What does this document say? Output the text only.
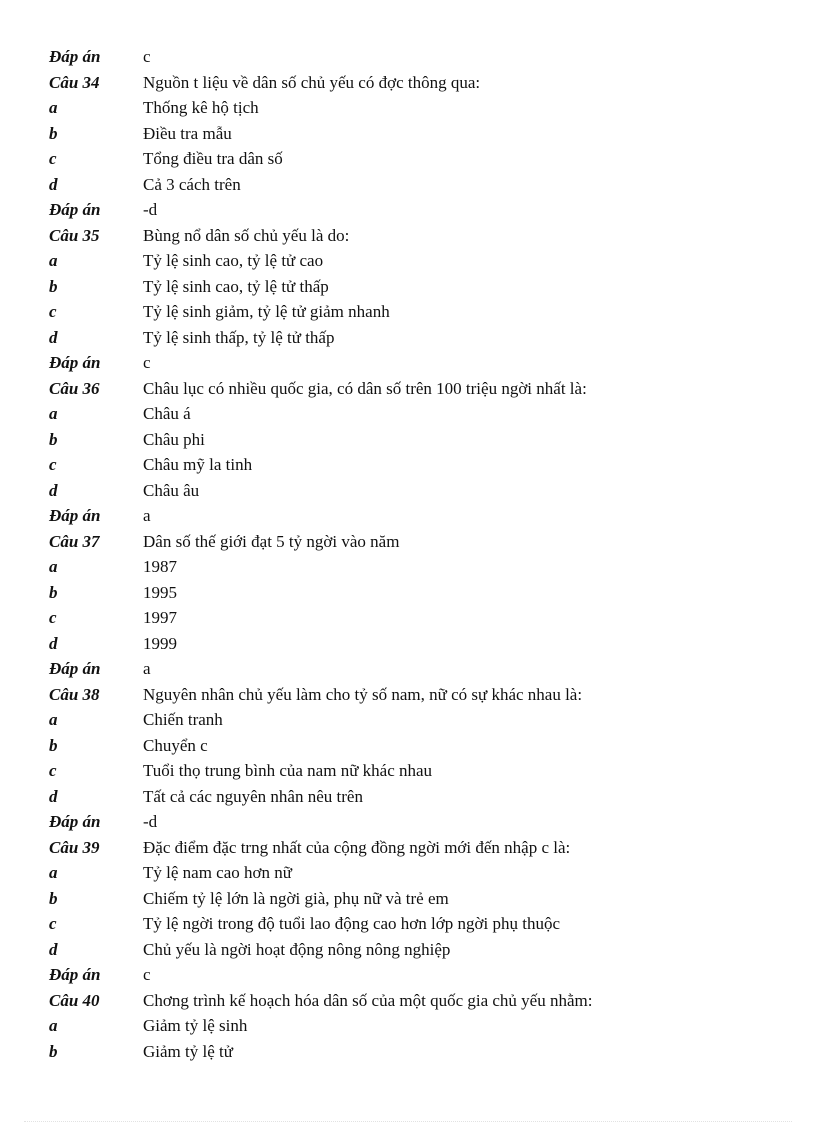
Đáp án	c
Câu 34	Nguồn t liệu về dân số chủ yếu có đợc thông qua:
a	Thống kê hộ tịch
b	Điều tra mẫu
c	Tổng điều tra dân số
d	Cả 3 cách trên
Đáp án	-d
Câu 35	Bùng nổ dân số chủ yếu là do:
a	Tỷ lệ sinh cao, tỷ lệ tử cao
b	Tỷ lệ sinh cao, tỷ lệ tử thấp
c	Tỷ lệ sinh giảm, tỷ lệ tử giảm nhanh
d	Tỷ lệ sinh thấp, tỷ lệ tử thấp
Đáp án	c
Câu 36	Châu lục có nhiều quốc gia, có dân số trên 100 triệu ngời nhất là:
a	Châu á
b	Châu phi
c	Châu mỹ la tinh
d	Châu âu
Đáp án	a
Câu 37	Dân số thế giới đạt 5 tỷ ngời vào năm
a	1987
b	1995
c	1997
d	1999
Đáp án	a
Câu 38	Nguyên nhân chủ yếu làm cho tỷ số nam, nữ có sự khác nhau là:
a	Chiến tranh
b	Chuyển c
c	Tuổi thọ trung bình của nam nữ khác nhau
d	Tất cả các nguyên nhân nêu trên
Đáp án	-d
Câu 39	Đặc điểm đặc trng nhất của cộng đồng ngời mới đến nhập c là:
a	Tỷ lệ nam cao hơn nữ
b	Chiếm tỷ lệ lớn là ngời già, phụ nữ và trẻ em
c	Tỷ lệ ngời trong độ tuổi lao động cao hơn lớp ngời phụ thuộc
d	Chủ yếu là ngời hoạt động nông nông nghiệp
Đáp án	c
Câu 40	Chơng trình kế hoạch hóa dân số của một quốc gia chủ yếu nhằm:
a	Giảm tỷ lệ sinh
b	Giảm tỷ lệ tử
